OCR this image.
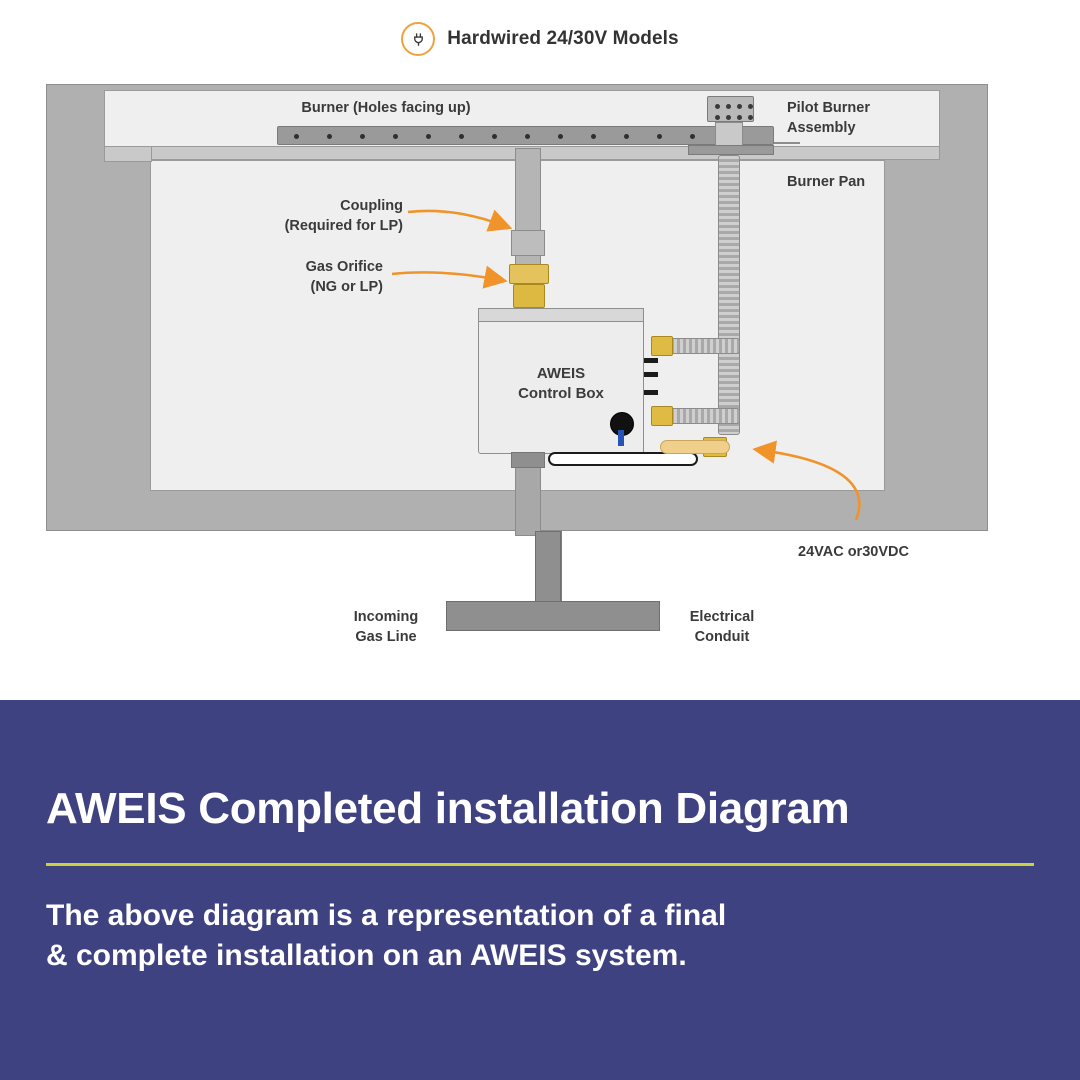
Hardwired 24/30V Models
AWEIS
Control Box
Burner (Holes facing up)	Pilot Burner
Assembly
Burner Pan
Coupling
(Required for LP)
Gas Orifice
(NG or LP)
24VAC or30VDC
Incoming
Gas Line
Electrical
Conduit
AWEIS Completed installation Diagram
The above diagram is a representation of a final
& complete installation on an AWEIS system.
